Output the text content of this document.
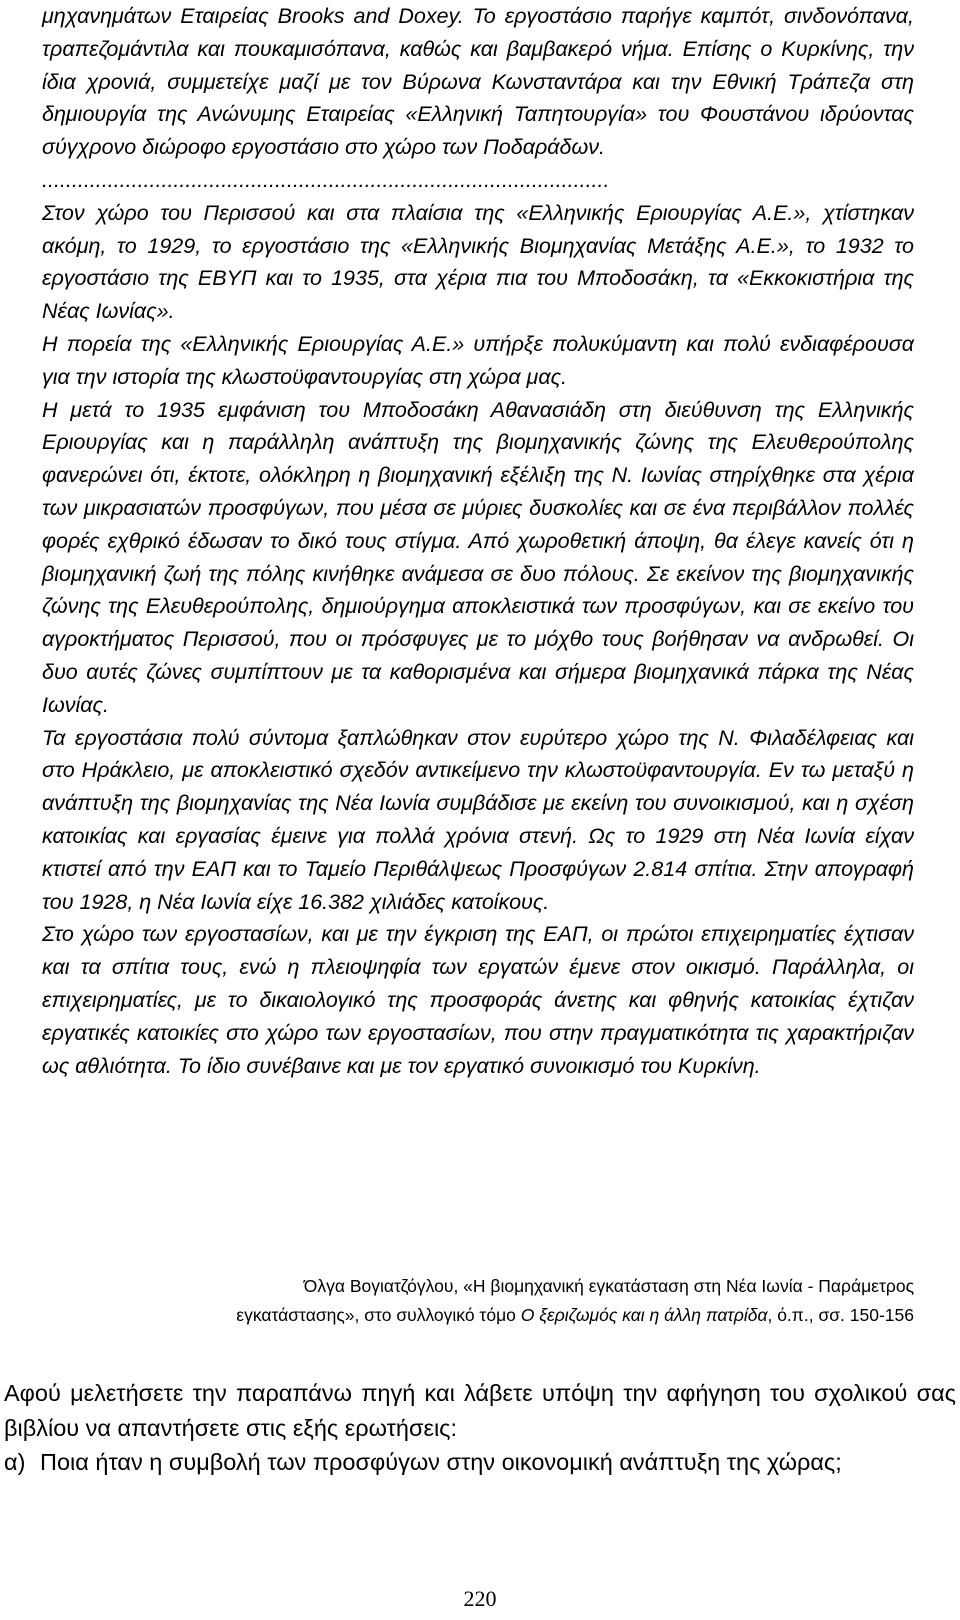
μηχανημάτων Εταιρείας Brooks and Doxey. Το εργοστάσιο παρήγε καμπότ, σινδονόπανα, τραπεζομάντιλα και πουκαμισόπανα, καθώς και βαμβακερό νήμα. Επίσης ο Κυρκίνης, την ίδια χρονιά, συμμετείχε μαζί με τον Βύρωνα Κωνσταντάρα και την Εθνική Τράπεζα στη δημιουργία της Ανώνυμης Εταιρείας «Ελληνική Ταπητουργία» του Φουστάνου ιδρύοντας σύγχρονο διώροφο εργοστάσιο στο χώρο των Ποδαράδων.

...............................................................................................

Στον χώρο του Περισσού και στα πλαίσια της «Ελληνικής Εριουργίας Α.Ε.», χτίστηκαν ακόμη, το 1929, το εργοστάσιο της «Ελληνικής Βιομηχανίας Μετάξης Α.Ε.», το 1932 το εργοστάσιο της ΕΒΥΠ και το 1935, στα χέρια πια του Μποδοσάκη, τα «Εκκοκιστήρια της Νέας Ιωνίας».

Η πορεία της «Ελληνικής Εριουργίας Α.Ε.» υπήρξε πολυκύμαντη και πολύ ενδιαφέρουσα για την ιστορία της κλωστοϋφαντουργίας στη χώρα μας.

Η μετά το 1935 εμφάνιση του Μποδοσάκη Αθανασιάδη στη διεύθυνση της Ελληνικής Εριουργίας και η παράλληλη ανάπτυξη της βιομηχανικής ζώνης της Ελευθερούπολης φανερώνει ότι, έκτοτε, ολόκληρη η βιομηχανική εξέλιξη της Ν. Ιωνίας στηρίχθηκε στα χέρια των μικρασιατών προσφύγων, που μέσα σε μύριες δυσκολίες και σε ένα περιβάλλον πολλές φορές εχθρικό έδωσαν το δικό τους στίγμα. Από χωροθετική άποψη, θα έλεγε κανείς ότι η βιομηχανική ζωή της πόλης κινήθηκε ανάμεσα σε δυο πόλους. Σε εκείνον της βιομηχανικής ζώνης της Ελευθερούπολης, δημιούργημα αποκλειστικά των προσφύγων, και σε εκείνο του αγροκτήματος Περισσού, που οι πρόσφυγες με το μόχθο τους βοήθησαν να ανδρωθεί. Οι δυο αυτές ζώνες συμπίπτουν με τα καθορισμένα και σήμερα βιομηχανικά πάρκα της Νέας Ιωνίας.

Τα εργοστάσια πολύ σύντομα ξαπλώθηκαν στον ευρύτερο χώρο της Ν. Φιλαδέλφειας και στο Ηράκλειο, με αποκλειστικό σχεδόν αντικείμενο την κλωστοϋφαντουργία. Εν τω μεταξύ η ανάπτυξη της βιομηχανίας της Νέα Ιωνία συμβάδισε με εκείνη του συνοικισμού, και η σχέση κατοικίας και εργασίας έμεινε για πολλά χρόνια στενή. Ως το 1929 στη Νέα Ιωνία είχαν κτιστεί από την ΕΑΠ και το Ταμείο Περιθάλψεως Προσφύγων 2.814 σπίτια. Στην απογραφή του 1928, η Νέα Ιωνία είχε 16.382 χιλιάδες κατοίκους.

Στο χώρο των εργοστασίων, και με την έγκριση της ΕΑΠ, οι πρώτοι επιχειρηματίες έχτισαν και τα σπίτια τους, ενώ η πλειοψηφία των εργατών έμενε στον οικισμό. Παράλληλα, οι επιχειρηματίες, με το δικαιολογικό της προσφοράς άνετης και φθηνής κατοικίας έχτιζαν εργατικές κατοικίες στο χώρο των εργοστασίων, που στην πραγματικότητα τις χαρακτήριζαν ως αθλιότητα. Το ίδιο συνέβαινε και με τον εργατικό συνοικισμό του Κυρκίνη.

Όλγα Βογιατζόγλου, «Η βιομηχανική εγκατάσταση στη Νέα Ιωνία - Παράμετρος
εγκατάστασης», στο συλλογικό τόμο Ο ξεριζωμός και η άλλη πατρίδα, ό.π., σσ. 150-156

Αφού μελετήσετε την παραπάνω πηγή και λάβετε υπόψη την αφήγηση του σχολικού σας βιβλίου να απαντήσετε στις εξής ερωτήσεις:

α) Ποια ήταν η συμβολή των προσφύγων στην οικονομική ανάπτυξη της χώρας;
220
